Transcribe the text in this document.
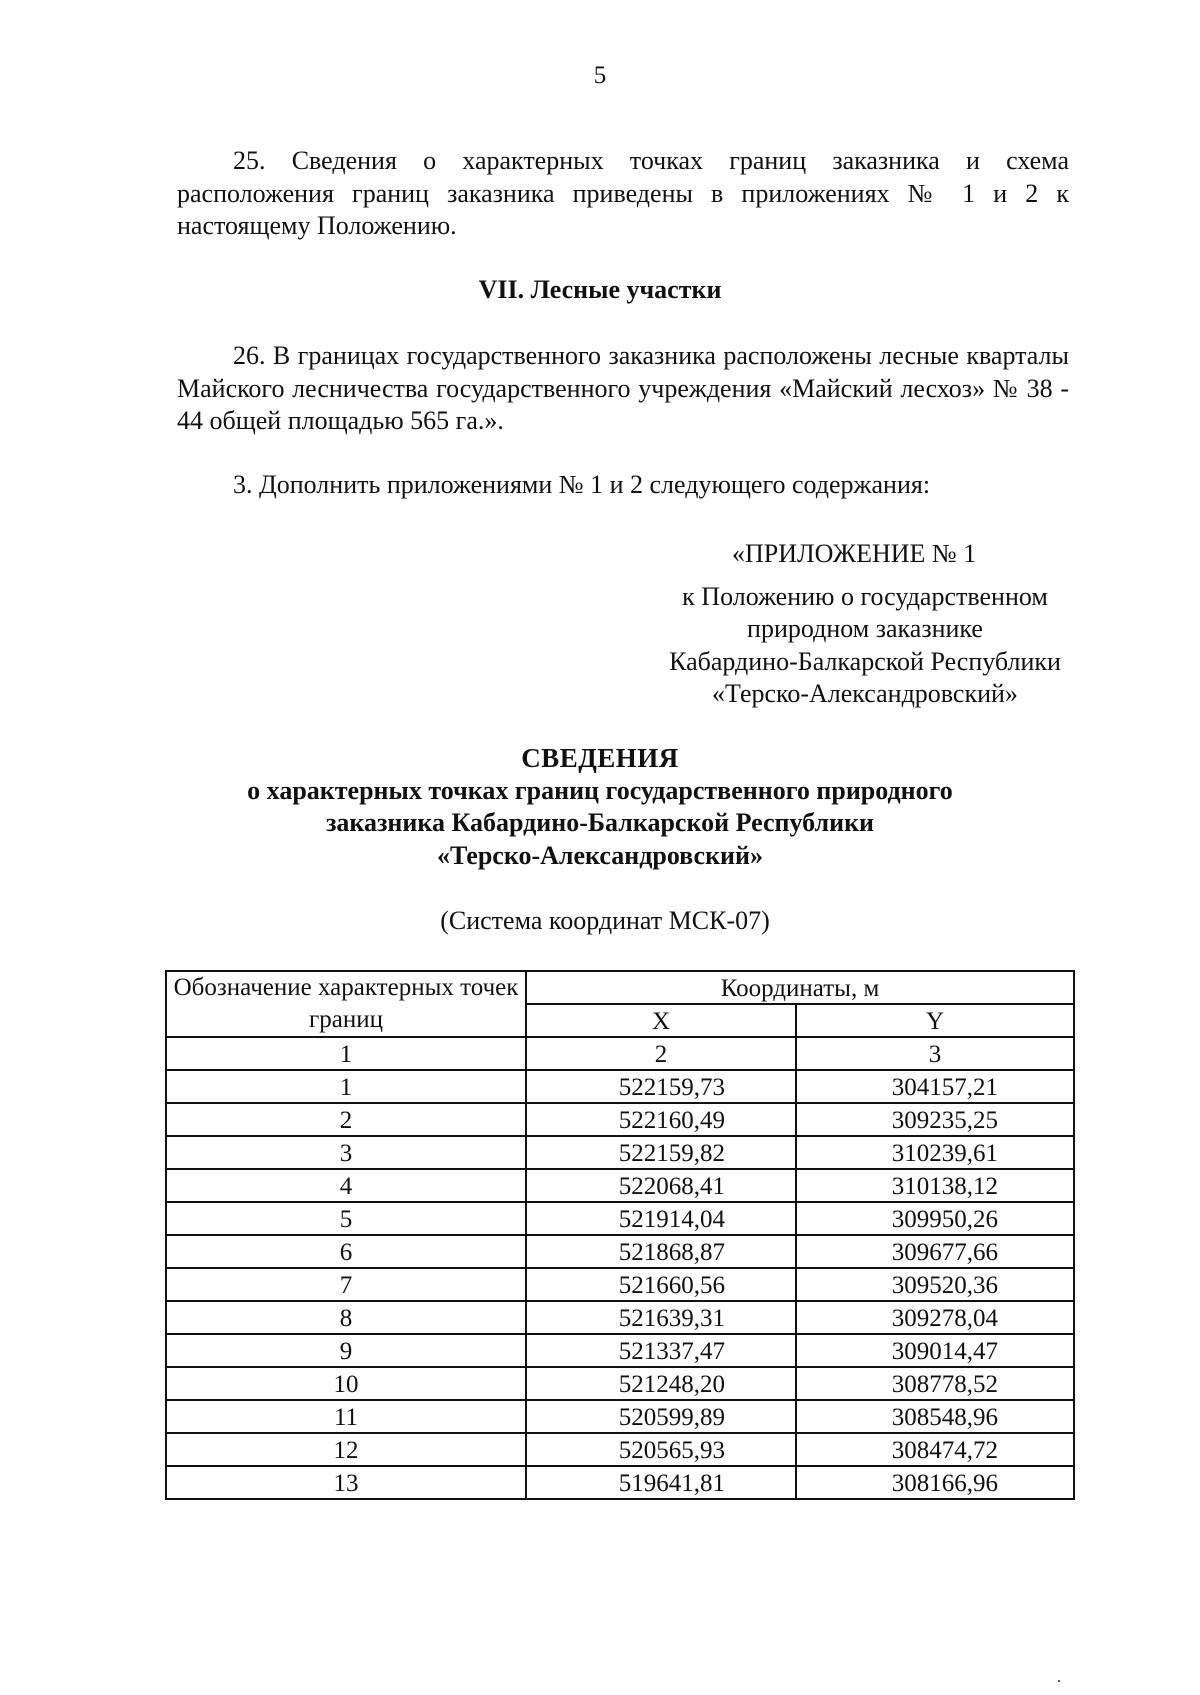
5
25. Сведения о характерных точках границ заказника и схема расположения границ заказника приведены в приложениях № 1 и 2 к настоящему Положению.
VII. Лесные участки
26. В границах государственного заказника расположены лесные кварталы Майского лесничества государственного учреждения «Майский лесхоз» № 38 - 44 общей площадью 565 га.».
3. Дополнить приложениями № 1 и 2 следующего содержания:
«ПРИЛОЖЕНИЕ № 1
к Положению о государственном
природном заказнике
Кабардино-Балкарской Республики
«Терско-Александровский»
СВЕДЕНИЯ
о характерных точках границ государственного природного
заказника Кабардино-Балкарской Республики
«Терско-Александровский»
(Система координат МСК-07)
Обозначение характерных точек границ	Координаты, м	
	X	Y
1	2	3
1	522159,73	304157,21
2	522160,49	309235,25
3	522159,82	310239,61
4	522068,41	310138,12
5	521914,04	309950,26
6	521868,87	309677,66
7	521660,56	309520,36
8	521639,31	309278,04
9	521337,47	309014,47
10	521248,20	308778,52
11	520599,89	308548,96
12	520565,93	308474,72
13	519641,81	308166,96
